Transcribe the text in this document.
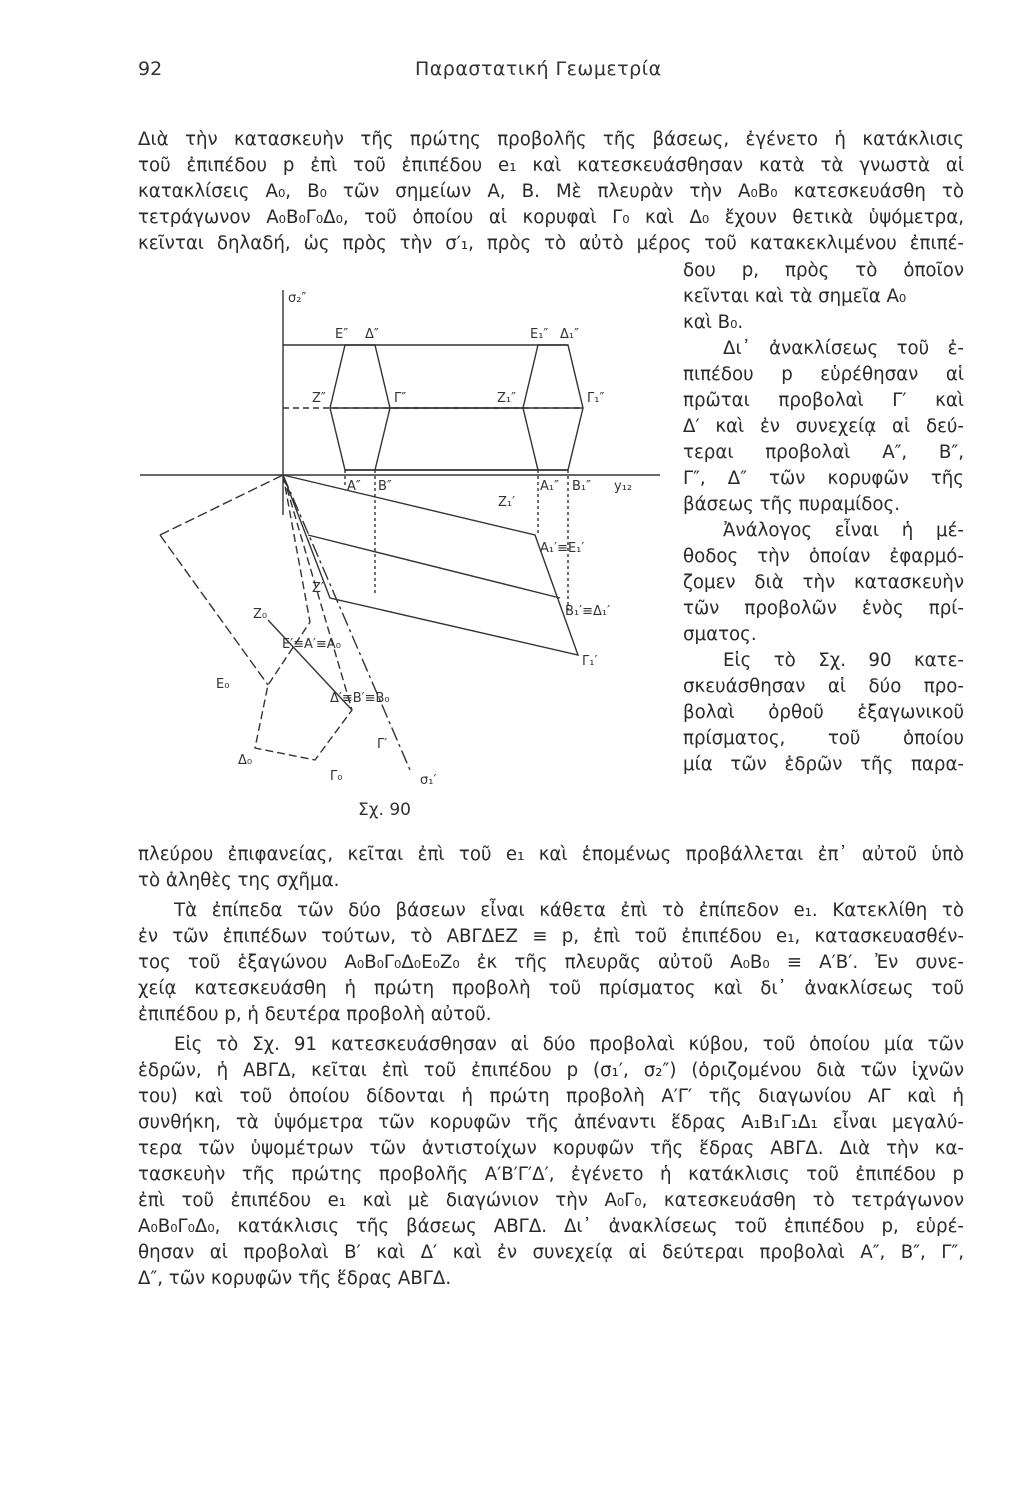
92	Παραστατική Γεωμετρία
Διὰ τὴν κατασκευὴν τῆς πρώτης προβολῆς τῆς βάσεως, ἐγένετο ἡ κατάκλισις
τοῦ ἐπιπέδου p ἐπὶ τοῦ ἐπιπέδου e₁ καὶ κατεσκευάσθησαν κατὰ τὰ γνωστὰ αἱ
κατακλίσεις A₀, B₀ τῶν σημείων A, B. Μὲ πλευρὰν τὴν A₀B₀ κατεσκευάσθη τὸ
τετράγωνον A₀B₀Γ₀Δ₀, τοῦ ὁποίου αἱ κορυφαὶ Γ₀ καὶ Δ₀ ἔχουν θετικὰ ὑψόμετρα,
κεῖνται δηλαδή, ὡς πρὸς τὴν σ′₁, πρὸς τὸ αὐτὸ μέρος τοῦ κατακεκλιμένου ἐπιπέ-
δου p, πρὸς τὸ ὁποῖον
κεῖνται καὶ τὰ σημεῖα A₀
καὶ B₀.
Δι᾽ ἀνακλίσεως τοῦ ἐ-
πιπέδου p εὑρέθησαν αἱ
πρῶται προβολαὶ Γ′ καὶ
Δ′ καὶ ἐν συνεχείᾳ αἱ δεύ-
τεραι προβολαὶ A″, B″,
Γ″, Δ″ τῶν κορυφῶν τῆς
βάσεως τῆς πυραμίδος.
Ἀνάλογος εἶναι ἡ μέ-
θοδος τὴν ὁποίαν ἐφαρμό-
ζομεν διὰ τὴν κατασκευὴν
τῶν προβολῶν ἑνὸς πρί-
σματος.
Εἰς τὸ Σχ. 90 κατε-
σκευάσθησαν αἱ δύο προ-
βολαὶ ὀρθοῦ ἑξαγωνικοῦ
πρίσματος, τοῦ ὁποίου
μία τῶν ἑδρῶν τῆς παρα-
σ₂″
E″ Δ″	E₁″ Δ₁″
Z″	Γ″	Z₁″	Γ₁″
A″ B″	A₁″ B₁″ y₁₂
Z₁′
A₁′≡E₁′
B₁′≡Δ₁′
Γ₁′
Z′
Z₀
E′≡A′≡A₀
E₀
Δ′≡B′≡B₀
Δ₀
Γ₀
Γ′
σ₁′
Σχ. 90
πλεύρου ἐπιφανείας, κεῖται ἐπὶ τοῦ e₁ καὶ ἑπομένως προβάλλεται ἐπ᾽ αὐτοῦ ὑπὸ
τὸ ἀληθὲς της σχῆμα.
Τὰ ἐπίπεδα τῶν δύο βάσεων εἶναι κάθετα ἐπὶ τὸ ἐπίπεδον e₁. Κατεκλίθη τὸ
ἐν τῶν ἐπιπέδων τούτων, τὸ ΑΒΓΔΕΖ ≡ p, ἐπὶ τοῦ ἐπιπέδου e₁, κατασκευασθέν-
τος τοῦ ἑξαγώνου A₀B₀Γ₀Δ₀E₀Z₀ ἐκ τῆς πλευρᾶς αὐτοῦ A₀B₀ ≡ A′B′. Ἐν συνε-
χείᾳ κατεσκευάσθη ἡ πρώτη προβολὴ τοῦ πρίσματος καὶ δι᾽ ἀνακλίσεως τοῦ
ἐπιπέδου p, ἡ δευτέρα προβολὴ αὐτοῦ.
Εἰς τὸ Σχ. 91 κατεσκευάσθησαν αἱ δύο προβολαὶ κύβου, τοῦ ὁποίου μία τῶν
ἑδρῶν, ἡ ΑΒΓΔ, κεῖται ἐπὶ τοῦ ἐπιπέδου p (σ₁′, σ₂″) (ὁριζομένου διὰ τῶν ἰχνῶν
του) καὶ τοῦ ὁποίου δίδονται ἡ πρώτη προβολὴ A′Γ′ τῆς διαγωνίου ΑΓ καὶ ἡ
συνθήκη, τὰ ὑψόμετρα τῶν κορυφῶν τῆς ἀπέναντι ἕδρας A₁B₁Γ₁Δ₁ εἶναι μεγαλύ-
τερα τῶν ὑψομέτρων τῶν ἀντιστοίχων κορυφῶν τῆς ἕδρας ΑΒΓΔ. Διὰ τὴν κα-
τασκευὴν τῆς πρώτης προβολῆς A′B′Γ′Δ′, ἐγένετο ἡ κατάκλισις τοῦ ἐπιπέδου p
ἐπὶ τοῦ ἐπιπέδου e₁ καὶ μὲ διαγώνιον τὴν A₀Γ₀, κατεσκευάσθη τὸ τετράγωνον
A₀B₀Γ₀Δ₀, κατάκλισις τῆς βάσεως ΑΒΓΔ. Δι᾽ ἀνακλίσεως τοῦ ἐπιπέδου p, εὑρέ-
θησαν αἱ προβολαὶ B′ καὶ Δ′ καὶ ἐν συνεχείᾳ αἱ δεύτεραι προβολαὶ A″, B″, Γ″,
Δ″, τῶν κορυφῶν τῆς ἕδρας ΑΒΓΔ.
